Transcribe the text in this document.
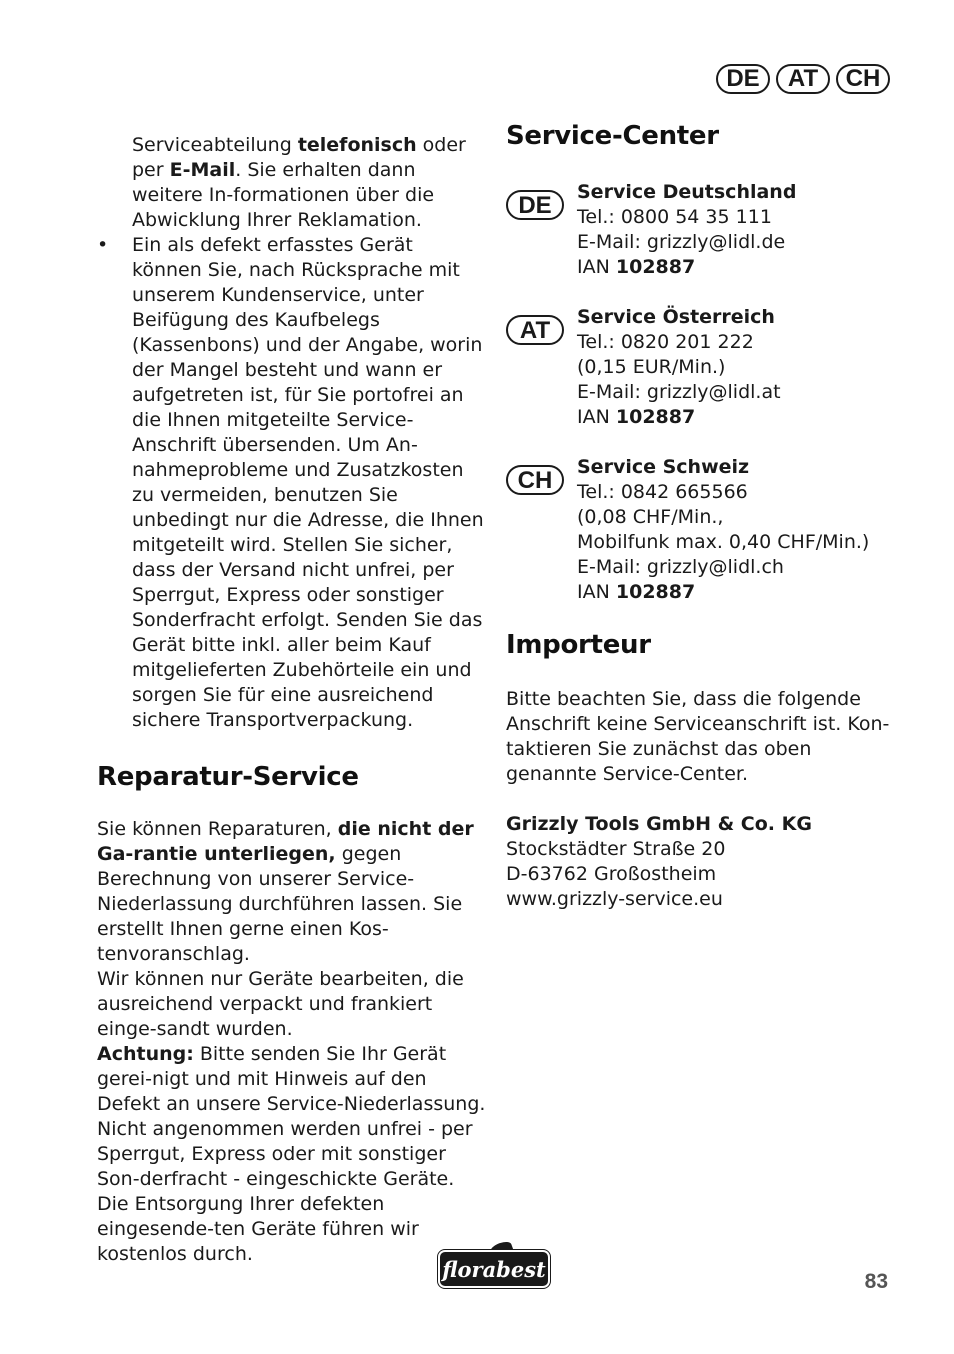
DE	AT	CH

Serviceabteilung telefonisch oder per E-Mail. Sie erhalten dann weitere In-formationen über die Abwicklung Ihrer Reklamation.

• Ein als defekt erfasstes Gerät können Sie, nach Rücksprache mit unserem Kundenservice, unter Beifügung des Kaufbelegs (Kassenbons) und der Angabe, worin der Mangel besteht und wann er aufgetreten ist, für Sie portofrei an die Ihnen mitgeteilte Service-Anschrift übersenden. Um An-nahmeprobleme und Zusatzkosten zu vermeiden, benutzen Sie unbedingt nur die Adresse, die Ihnen mitgeteilt wird. Stellen Sie sicher, dass der Versand nicht unfrei, per Sperrgut, Express oder sonstiger Sonderfracht erfolgt. Senden Sie das Gerät bitte inkl. aller beim Kauf mitgelieferten Zubehörteile ein und sorgen Sie für eine ausreichend sichere Transportverpackung.
Reparatur-Service
Sie können Reparaturen, die nicht der Ga-rantie unterliegen, gegen Berechnung von unserer Service-Niederlassung durchführen lassen. Sie erstellt Ihnen gerne einen Kos-tenvoranschlag.
Wir können nur Geräte bearbeiten, die ausreichend verpackt und frankiert einge-sandt wurden.
Achtung: Bitte senden Sie Ihr Gerät gerei-nigt und mit Hinweis auf den Defekt an unsere Service-Niederlassung.
Nicht angenommen werden unfrei - per Sperrgut, Express oder mit sonstiger Son-derfracht - eingeschickte Geräte.
Die Entsorgung Ihrer defekten eingesende-ten Geräte führen wir kostenlos durch.
Service-Center
DE	Service Deutschland
Tel.: 0800 54 35 111
E-Mail: grizzly@lidl.de
IAN 102887
AT	Service Österreich
Tel.: 0820 201 222
(0,15 EUR/Min.)
E-Mail: grizzly@lidl.at
IAN 102887
CH	Service Schweiz
Tel.: 0842 665566
(0,08 CHF/Min.,
Mobilfunk max. 0,40 CHF/Min.)
E-Mail: grizzly@lidl.ch
IAN 102887
Importeur
Bitte beachten Sie, dass die folgende Anschrift keine Serviceanschrift ist. Kon-taktieren Sie zunächst das oben genannte Service-Center.
Grizzly Tools GmbH & Co. KG
Stockstädter Straße 20
D-63762 Großostheim
www.grizzly-service.eu
florabest	83
